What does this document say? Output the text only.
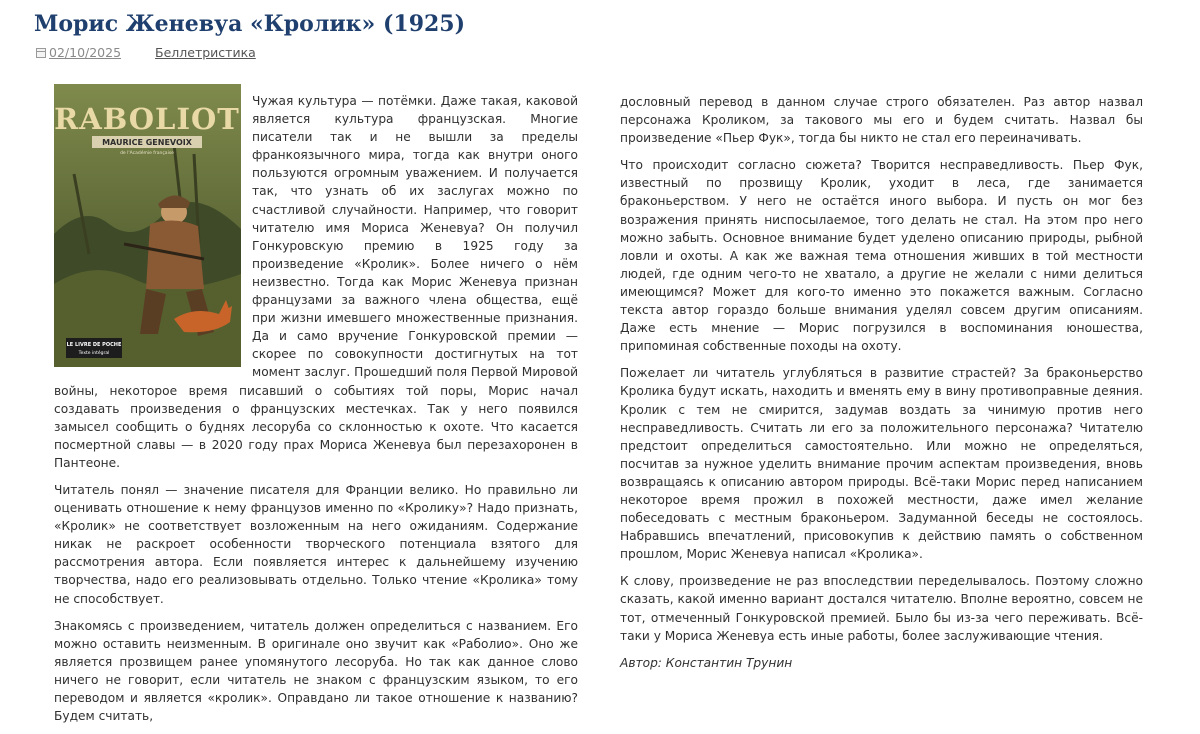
Морис Женевуа «Кролик» (1925)
02/10/2025	Беллетристика
RABOLIOT
MAURICE GENEVOIX
de l'Académie française
LE LIVRE DE POCHE
Texte intégral

Чужая культура — потёмки. Даже такая, каковой является культура французская. Многие писатели так и не вышли за пределы франкоязычного мира, тогда как внутри оного пользуются огромным уважением. И получается так, что узнать об их заслугах можно по счастливой случайности. Например, что говорит читателю имя Мориса Женевуа? Он получил Гонкуровскую премию в 1925 году за произведение «Кролик». Более ничего о нём неизвестно. Тогда как Морис Женевуа признан французами за важного члена общества, ещё при жизни имевшего множественные признания. Да и само вручение Гонкуровской премии — скорее по совокупности достигнутых на тот момент заслуг. Прошедший поля Первой Мировой войны, некоторое время писавший о событиях той поры, Морис начал создавать произведения о французских местечках. Так у него появился замысел сообщить о буднях лесоруба со склонностью к охоте. Что касается посмертной славы — в 2020 году прах Мориса Женевуа был перезахоронен в Пантеоне.

Читатель понял — значение писателя для Франции велико. Но правильно ли оценивать отношение к нему французов именно по «Кролику»? Надо признать, «Кролик» не соответствует возложенным на него ожиданиям. Содержание никак не раскроет особенности творческого потенциала взятого для рассмотрения автора. Если появляется интерес к дальнейшему изучению творчества, надо его реализовывать отдельно. Только чтение «Кролика» тому не способствует.

Знакомясь с произведением, читатель должен определиться с названием. Его можно оставить неизменным. В оригинале оно звучит как «Раболио». Оно же является прозвищем ранее упомянутого лесоруба. Но так как данное слово ничего не говорит, если читатель не знаком с французским языком, то его переводом и является «кролик». Оправдано ли такое отношение к названию? Будем считать,

дословный перевод в данном случае строго обязателен. Раз автор назвал персонажа Кроликом, за такового мы его и будем считать. Назвал бы произведение «Пьер Фук», тогда бы никто не стал его переиначивать.

Что происходит согласно сюжета? Творится несправедливость. Пьер Фук, известный по прозвищу Кролик, уходит в леса, где занимается браконьерством. У него не остаётся иного выбора. И пусть он мог без возражения принять ниспосылаемое, того делать не стал. На этом про него можно забыть. Основное внимание будет уделено описанию природы, рыбной ловли и охоты. А как же важная тема отношения живших в той местности людей, где одним чего-то не хватало, а другие не желали с ними делиться имеющимся? Может для кого-то именно это покажется важным. Согласно текста автор гораздо больше внимания уделял совсем другим описаниям. Даже есть мнение — Морис погрузился в воспоминания юношества, припоминая собственные походы на охоту.

Пожелает ли читатель углубляться в развитие страстей? За браконьерство Кролика будут искать, находить и вменять ему в вину противоправные деяния. Кролик с тем не смирится, задумав воздать за чинимую против него несправедливость. Считать ли его за положительного персонажа? Читателю предстоит определиться самостоятельно. Или можно не определяться, посчитав за нужное уделить внимание прочим аспектам произведения, вновь возвращаясь к описанию автором природы. Всё-таки Морис перед написанием некоторое время прожил в похожей местности, даже имел желание побеседовать с местным браконьером. Задуманной беседы не состоялось. Набравшись впечатлений, присовокупив к действию память о собственном прошлом, Морис Женевуа написал «Кролика».

К слову, произведение не раз впоследствии переделывалось. Поэтому сложно сказать, какой именно вариант достался читателю. Вполне вероятно, совсем не тот, отмеченный Гонкуровской премией. Было бы из-за чего переживать. Всё-таки у Мориса Женевуа есть иные работы, более заслуживающие чтения.

Автор: Константин Трунин
